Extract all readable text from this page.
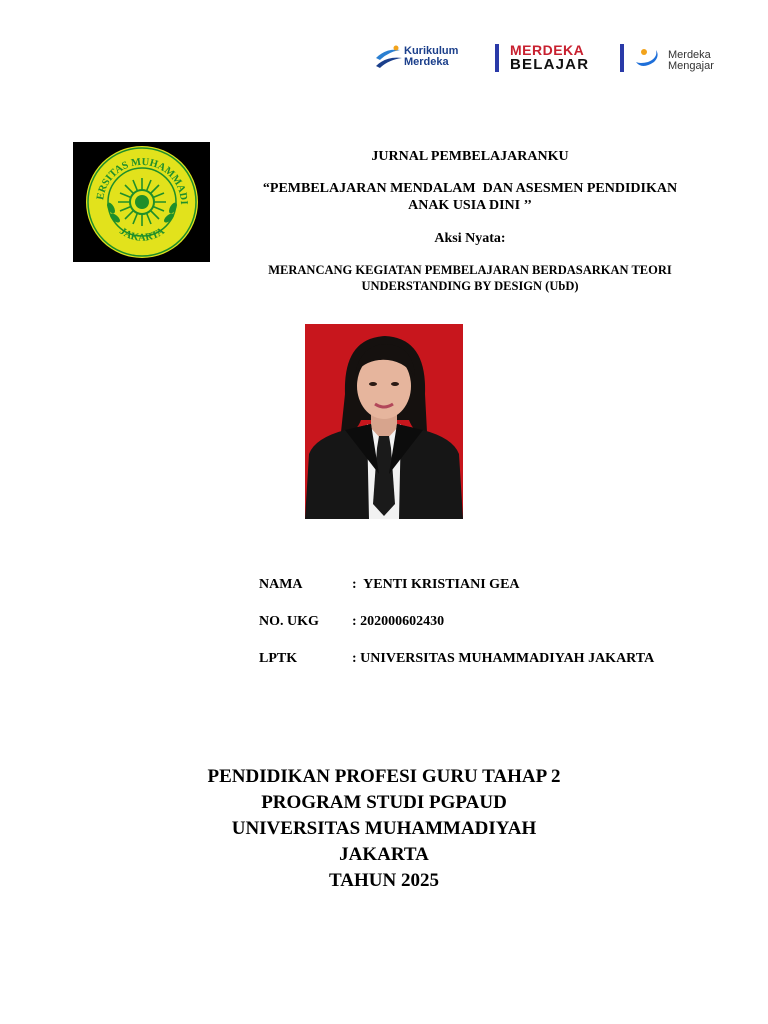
Kurikulum
Merdeka
MERDEKA
BELAJAR
Merdeka
Mengajar
ERSITAS MUHAMMADI
JAKARTA
JURNAL PEMBELAJARANKU
“PEMBELAJARAN MENDALAM  DAN ASESMEN PENDIDIKAN
ANAK USIA DINI ’’
Aksi Nyata:
MERANCANG KEGIATAN PEMBELAJARAN BERDASARKAN TEORI
UNDERSTANDING BY DESIGN (UbD)
NAMA	:  YENTI KRISTIANI GEA
NO. UKG : 202000602430
LPTK	: UNIVERSITAS MUHAMMADIYAH JAKARTA
PENDIDIKAN PROFESI GURU TAHAP 2
PROGRAM STUDI PGPAUD
UNIVERSITAS MUHAMMADIYAH
JAKARTA
TAHUN 2025
